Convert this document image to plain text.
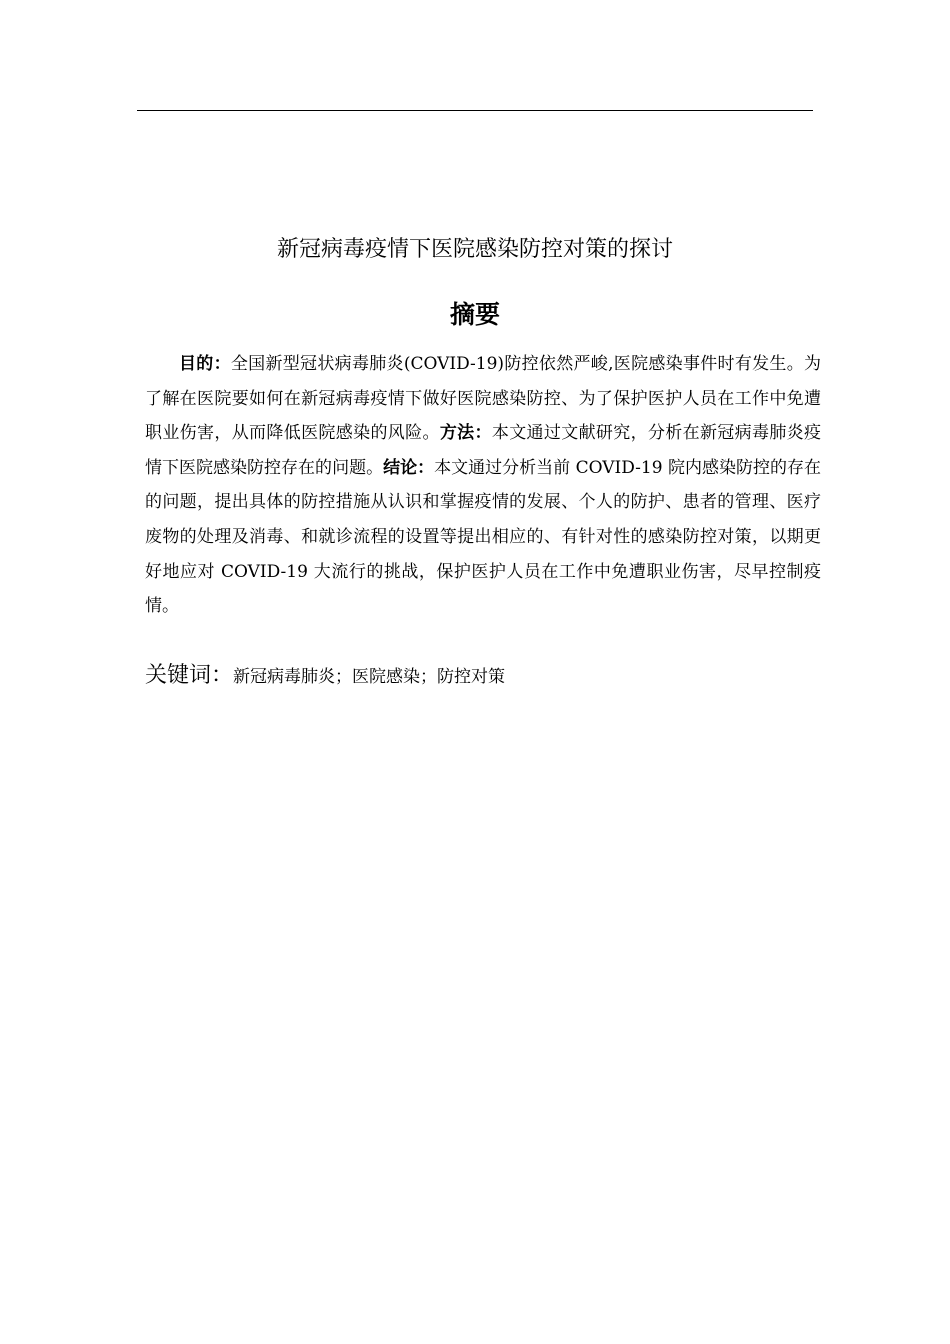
新冠病毒疫情下医院感染防控对策的探讨
摘要

目的：全国新型冠状病毒肺炎(COVID-19)防控依然严峻,医院感染事件时有发生。为了解在医院要如何在新冠病毒疫情下做好医院感染防控、为了保护医护人员在工作中免遭职业伤害，从而降低医院感染的风险。方法：本文通过文献研究，分析在新冠病毒肺炎疫情下医院感染防控存在的问题。结论：本文通过分析当前 COVID-19 院内感染防控的存在的问题，提出具体的防控措施从认识和掌握疫情的发展、个人的防护、患者的管理、医疗废物的处理及消毒、和就诊流程的设置等提出相应的、有针对性的感染防控对策，以期更好地应对 COVID-19 大流行的挑战，保护医护人员在工作中免遭职业伤害，尽早控制疫情。

关键词：新冠病毒肺炎；医院感染；防控对策
